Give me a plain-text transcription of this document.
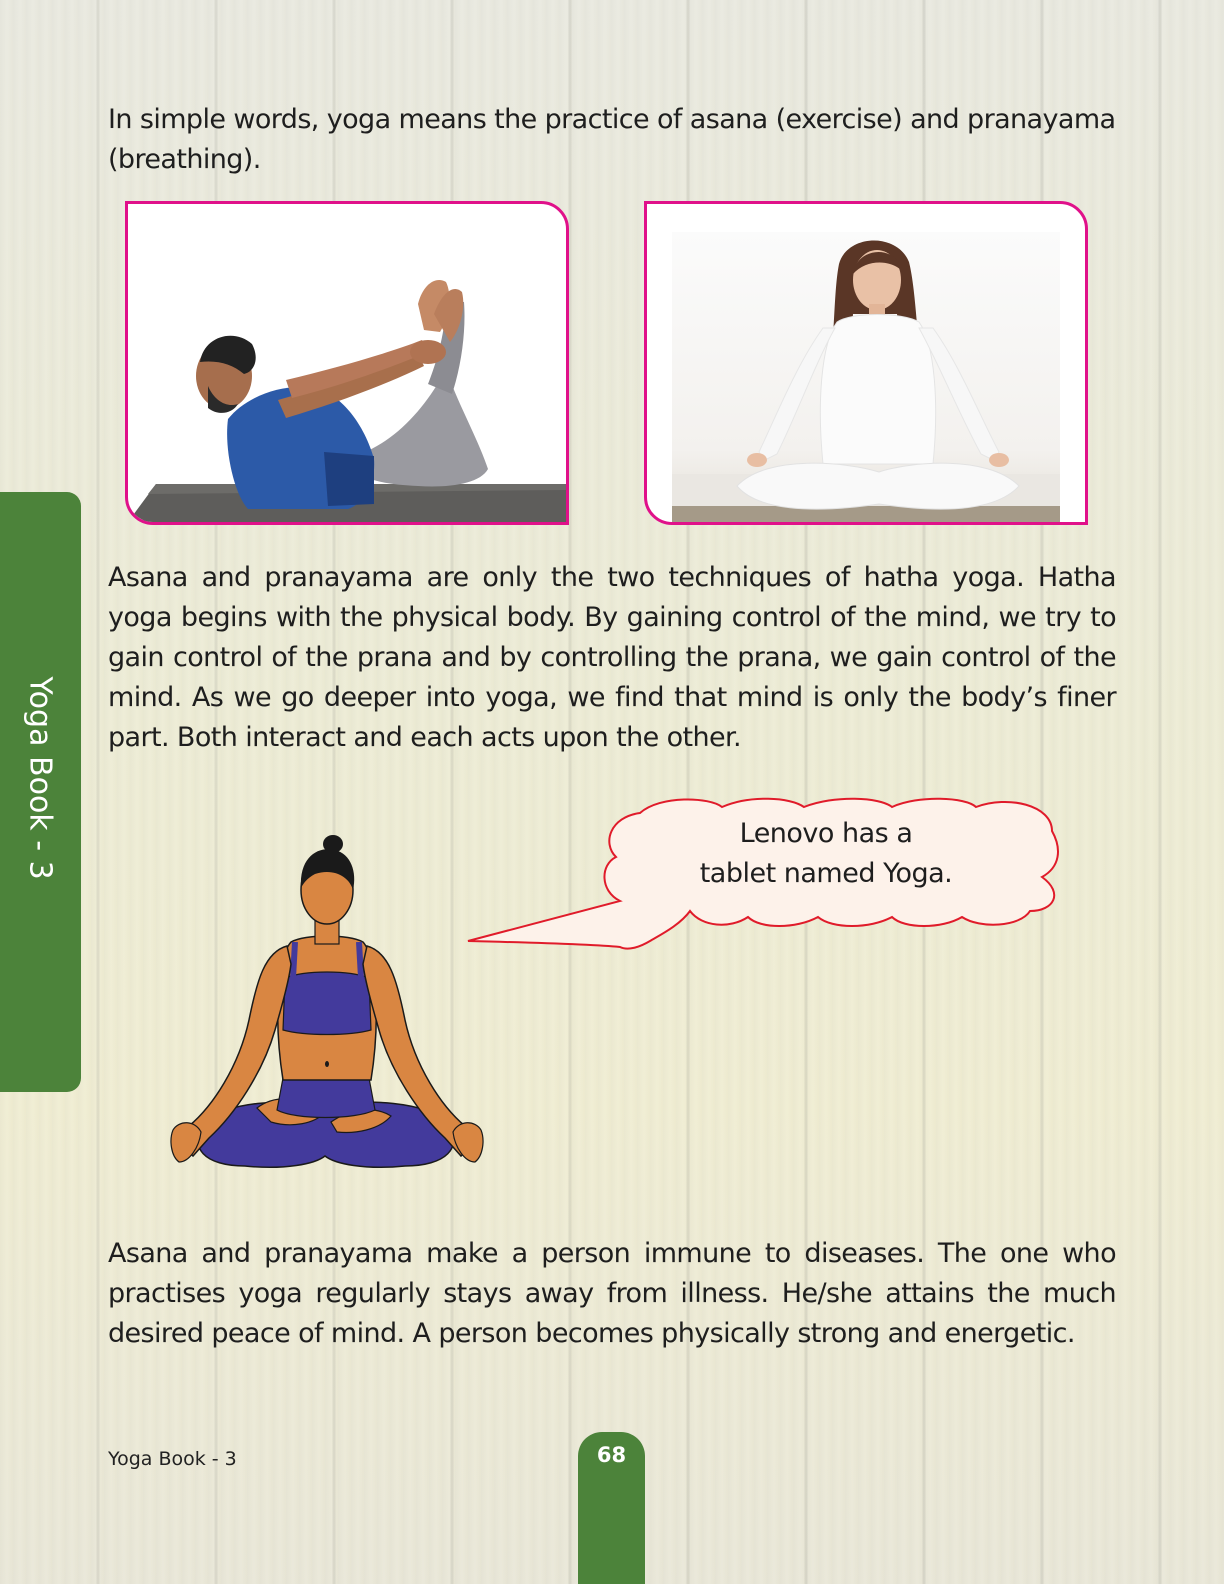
In simple words, yoga means the practice of asana (exercise) and pranayama (breathing).

Asana and pranayama are only the two techniques of hatha yoga. Hatha yoga begins with the physical body. By gaining control of the mind, we try to gain control of the prana and by controlling the prana, we gain control of the mind. As we go deeper into yoga, we find that mind is only the body’s finer part. Both interact and each acts upon the other.

Yoga Book - 3	Lenovo has a
tablet named Yoga.

Asana and pranayama make a person immune to diseases. The one who practises yoga regularly stays away from illness. He/she attains the much desired peace of mind. A person becomes physically strong and energetic.

Yoga Book - 3	68
